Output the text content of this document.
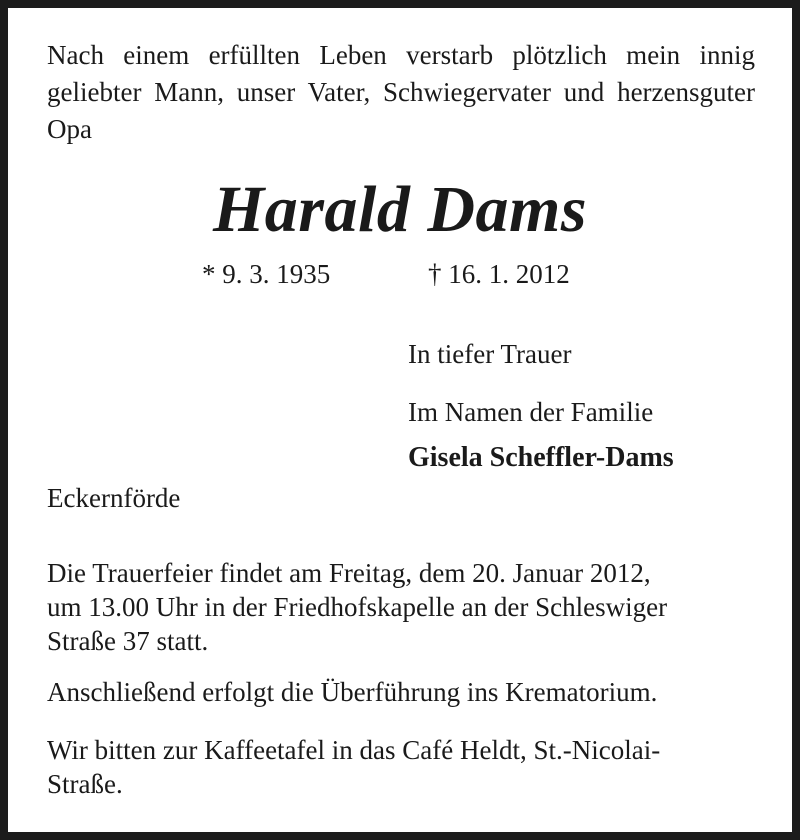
Nach einem erfüllten Leben verstarb plötzlich mein innig geliebter Mann, unser Vater, Schwiegervater und herzensguter Opa
Harald Dams
* 9. 3. 1935	† 16. 1. 2012
In tiefer Trauer
Im Namen der Familie
Gisela Scheffler-Dams
Eckernförde
Die Trauerfeier findet am Freitag, dem 20. Januar 2012,
um 13.00 Uhr in der Friedhofskapelle an der Schleswiger
Straße 37 statt.
Anschließend erfolgt die Überführung ins Krematorium.
Wir bitten zur Kaffeetafel in das Café Heldt, St.-Nicolai-
Straße.
